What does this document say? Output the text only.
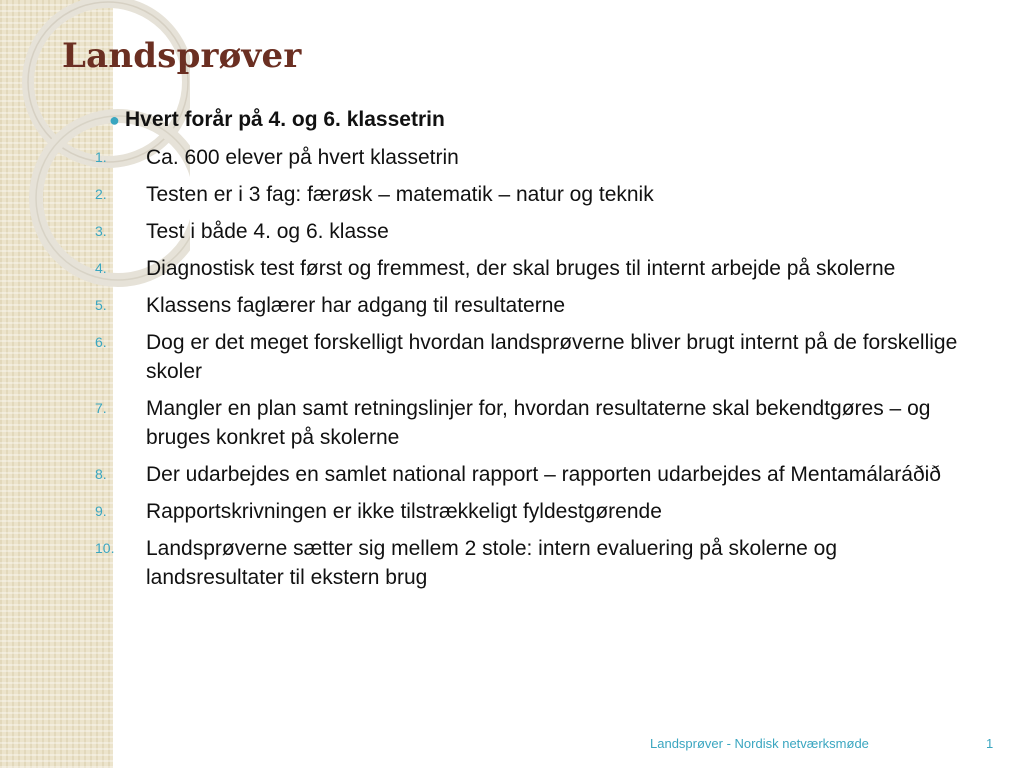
Landsprøver
● Hvert forår på 4. og 6. klassetrin
1.	Ca. 600 elever på hvert klassetrin
2.	Testen er i 3 fag: færøsk – matematik – natur og teknik
3.	Test i både 4. og 6. klasse
4.	Diagnostisk test først og fremmest, der skal bruges til internt arbejde på skolerne
5.	Klassens faglærer har adgang til resultaterne
6.	Dog er det meget forskelligt hvordan landsprøverne bliver brugt internt på de forskellige skoler
7.	Mangler en plan samt retningslinjer for, hvordan resultaterne skal bekendtgøres – og bruges konkret på skolerne
8.	Der udarbejdes en samlet national rapport – rapporten udarbejdes af Mentamálaráðið
9.	Rapportskrivningen er ikke tilstrækkeligt fyldestgørende
10.	Landsprøverne sætter sig mellem 2 stole: intern evaluering på skolerne og landsresultater til ekstern brug
Landsprøver - Nordisk netværksmøde	1
